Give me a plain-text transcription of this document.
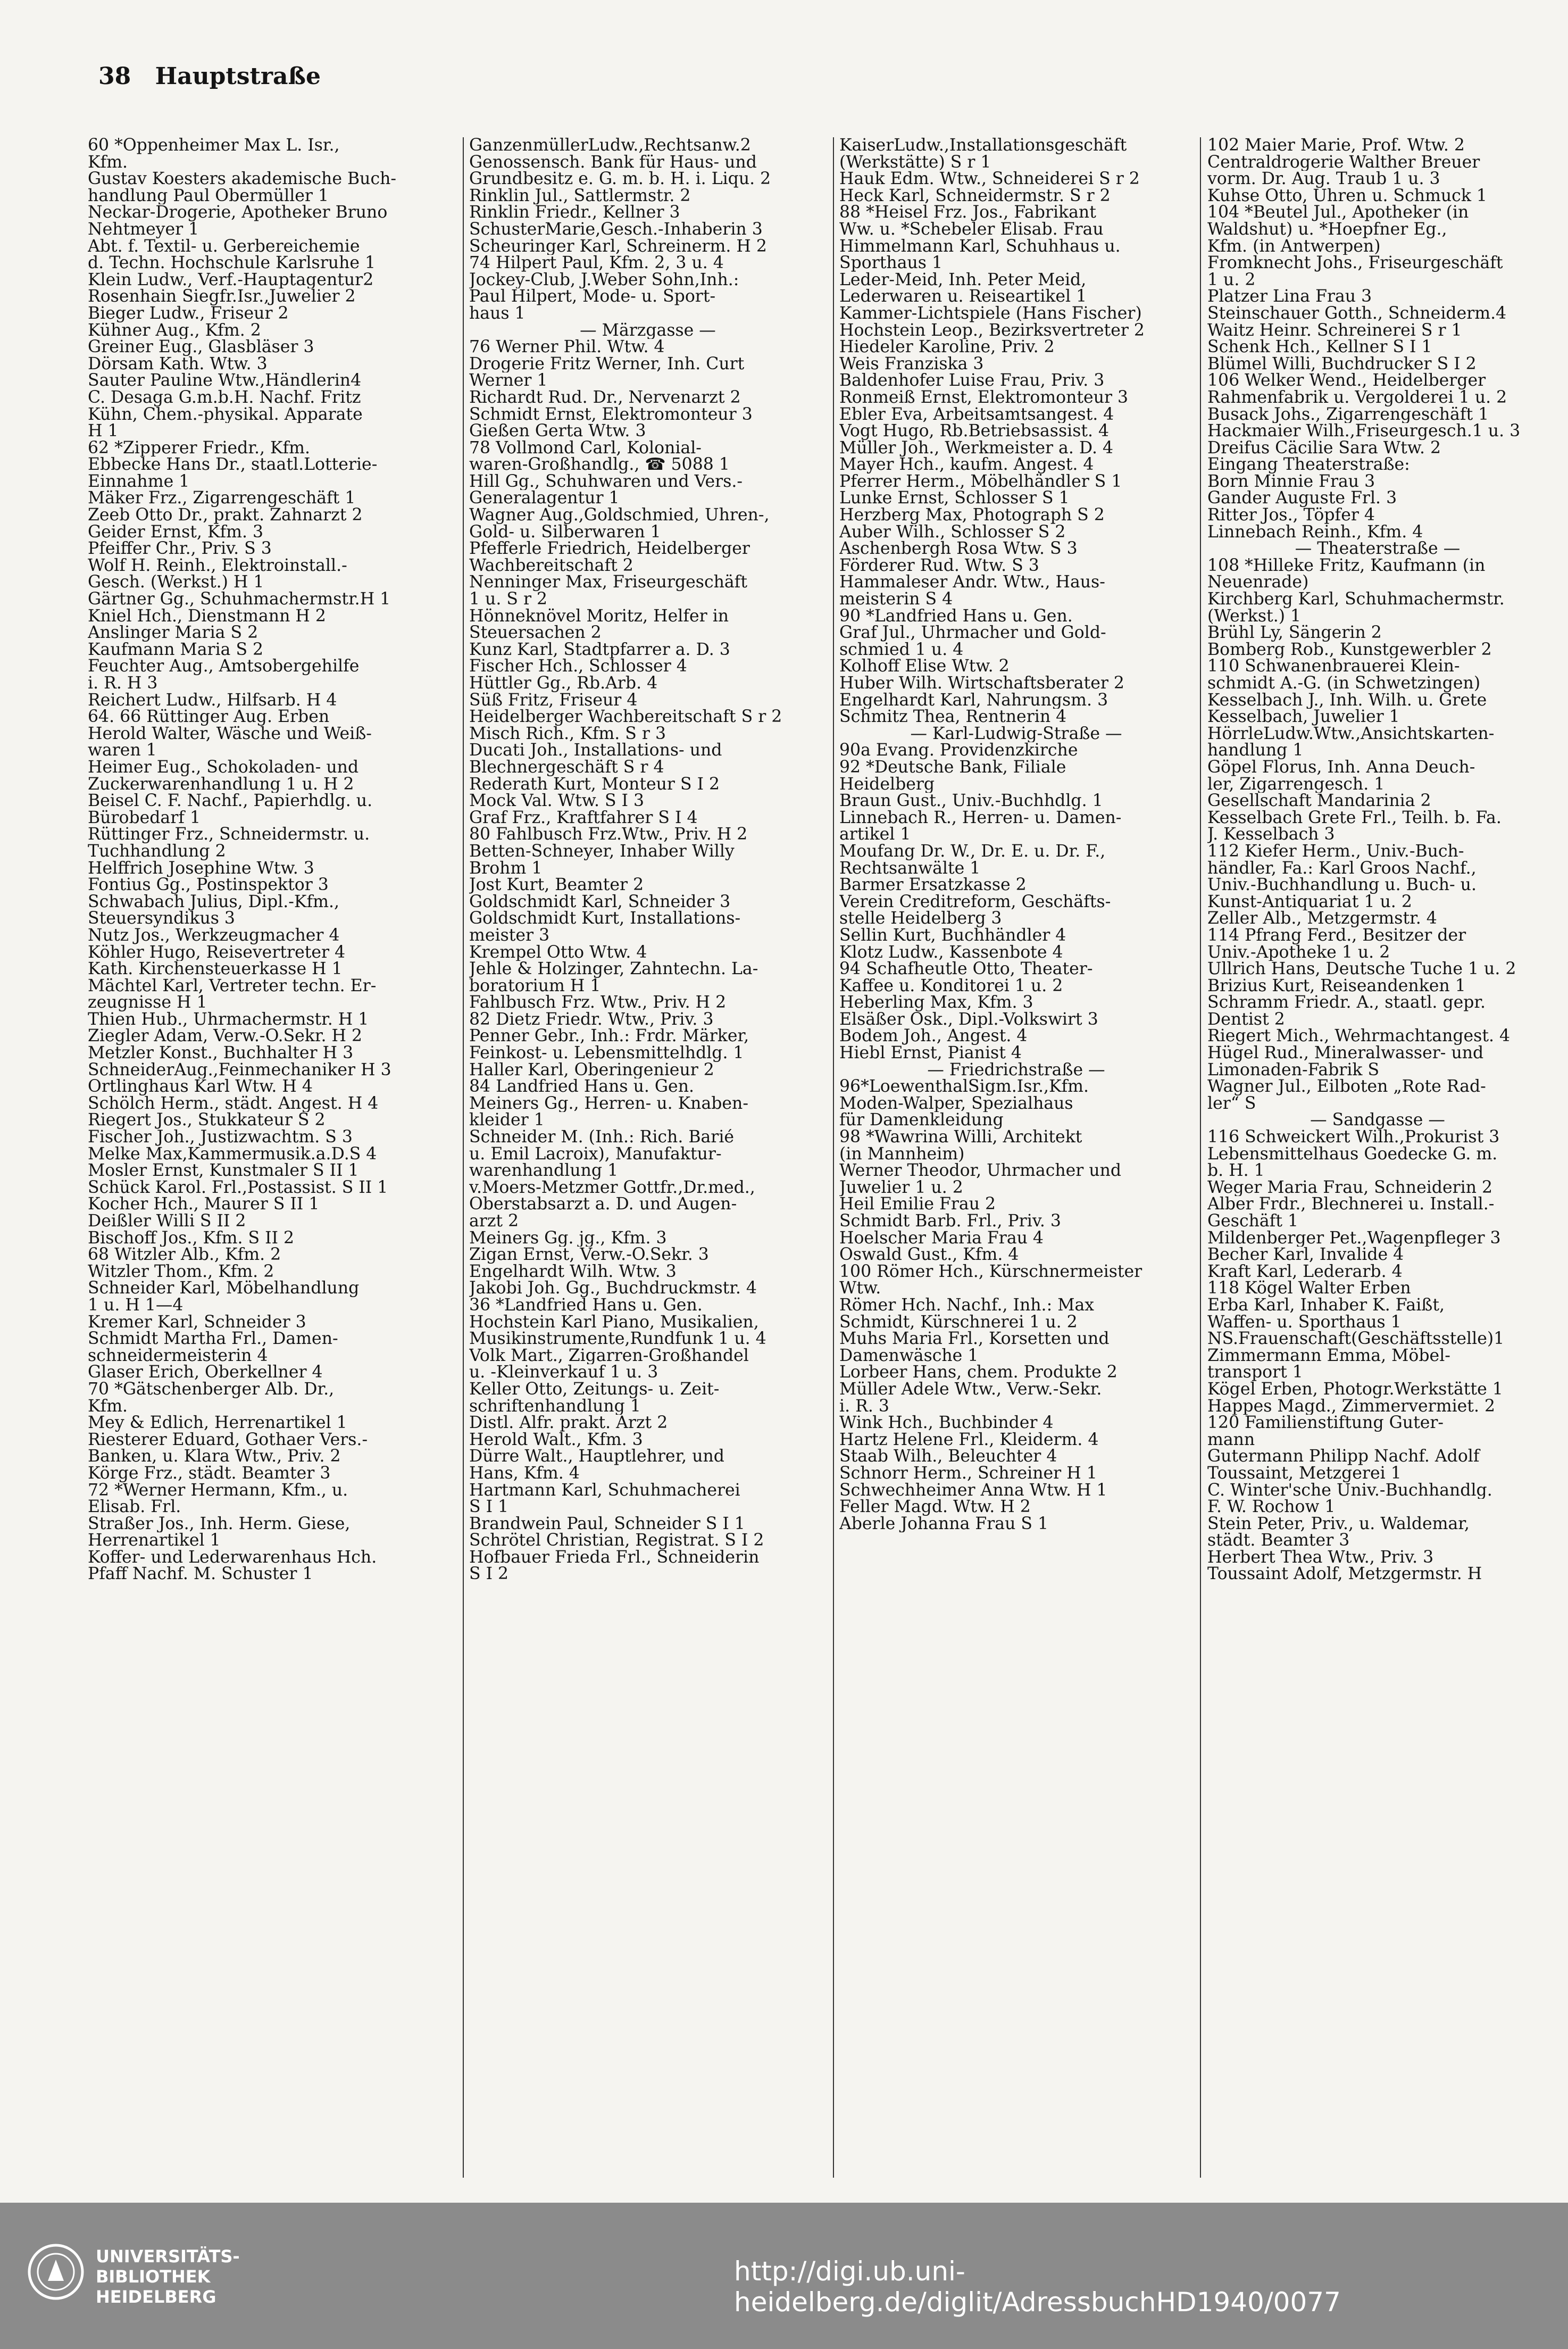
38 Hauptstraße
60 *Oppenheimer Max L. Isr.,
Kfm.
Gustav Koesters akademische Buch-
handlung Paul Obermüller 1
Neckar-Drogerie, Apotheker Bruno
Nehtmeyer 1
Abt. f. Textil- u. Gerbereichemie
d. Techn. Hochschule Karlsruhe 1
Klein Ludw., Verf.-Hauptagentur2
Rosenhain Siegfr.Isr.,Juwelier 2
Bieger Ludw., Friseur 2
Kühner Aug., Kfm. 2
Greiner Eug., Glasbläser 3
Dörsam Kath. Wtw. 3
Sauter Pauline Wtw.,Händlerin4
C. Desaga G.m.b.H. Nachf. Fritz
Kühn, Chem.-physikal. Apparate
H 1
62 *Zipperer Friedr., Kfm.
Ebbecke Hans Dr., staatl.Lotterie-
Einnahme 1
Mäker Frz., Zigarrengeschäft 1
Zeeb Otto Dr., prakt. Zahnarzt 2
Geider Ernst, Kfm. 3
Pfeiffer Chr., Priv. S 3
Wolf H. Reinh., Elektroinstall.-
Gesch. (Werkst.) H 1
Gärtner Gg., Schuhmachermstr.H 1
Kniel Hch., Dienstmann H 2
Anslinger Maria S 2
Kaufmann Maria S 2
Feuchter Aug., Amtsobergehilfe
i. R. H 3
Reichert Ludw., Hilfsarb. H 4
64. 66 Rüttinger Aug. Erben
Herold Walter, Wäsche und Weiß-
waren 1
Heimer Eug., Schokoladen- und
Zuckerwarenhandlung 1 u. H 2
Beisel C. F. Nachf., Papierhdlg. u.
Bürobedarf 1
Rüttinger Frz., Schneidermstr. u.
Tuchhandlung 2
Helffrich Josephine Wtw. 3
Fontius Gg., Postinspektor 3
Schwabach Julius, Dipl.-Kfm.,
Steuersyndikus 3
Nutz Jos., Werkzeugmacher 4
Köhler Hugo, Reisevertreter 4
Kath. Kirchensteuerkasse H 1
Mächtel Karl, Vertreter techn. Er-
zeugnisse H 1
Thien Hub., Uhrmachermstr. H 1
Ziegler Adam, Verw.-O.Sekr. H 2
Metzler Konst., Buchhalter H 3
SchneiderAug.,Feinmechaniker H 3
Ortlinghaus Karl Wtw. H 4
Schölch Herm., städt. Angest. H 4
Riegert Jos., Stukkateur S 2
Fischer Joh., Justizwachtm. S 3
Melke Max,Kammermusik.a.D.S 4
Mosler Ernst, Kunstmaler S II 1
Schück Karol. Frl.,Postassist. S II 1
Kocher Hch., Maurer S II 1
Deißler Willi S II 2
Bischoff Jos., Kfm. S II 2
68 Witzler Alb., Kfm. 2
Witzler Thom., Kfm. 2
Schneider Karl, Möbelhandlung
1 u. H 1—4
Kremer Karl, Schneider 3
Schmidt Martha Frl., Damen-
schneidermeisterin 4
Glaser Erich, Oberkellner 4
70 *Gätschenberger Alb. Dr.,
Kfm.
Mey & Edlich, Herrenartikel 1
Riesterer Eduard, Gothaer Vers.-
Banken, u. Klara Wtw., Priv. 2
Körge Frz., städt. Beamter 3
72 *Werner Hermann, Kfm., u.
Elisab. Frl.
Straßer Jos., Inh. Herm. Giese,
Herrenartikel 1
Koffer- und Lederwarenhaus Hch.
Pfaff Nachf. M. Schuster 1
GanzenmüllerLudw.,Rechtsanw.2
Genossensch. Bank für Haus- und
Grundbesitz e. G. m. b. H. i. Liqu. 2
Rinklin Jul., Sattlermstr. 2
Rinklin Friedr., Kellner 3
SchusterMarie,Gesch.-Inhaberin 3
Scheuringer Karl, Schreinerm. H 2
74 Hilpert Paul, Kfm. 2, 3 u. 4
Jockey-Club, J.Weber Sohn,Inh.:
Paul Hilpert, Mode- u. Sport-
haus 1
— Märzgasse —
76 Werner Phil. Wtw. 4
Drogerie Fritz Werner, Inh. Curt
Werner 1
Richardt Rud. Dr., Nervenarzt 2
Schmidt Ernst, Elektromonteur 3
Gießen Gerta Wtw. 3
78 Vollmond Carl, Kolonial-
waren-Großhandlg., ☎ 5088 1
Hill Gg., Schuhwaren und Vers.-
Generalagentur 1
Wagner Aug.,Goldschmied, Uhren-,
Gold- u. Silberwaren 1
Pfefferle Friedrich, Heidelberger
Wachbereitschaft 2
Nenninger Max, Friseurgeschäft
1 u. S r 2
Hönneknövel Moritz, Helfer in
Steuersachen 2
Kunz Karl, Stadtpfarrer a. D. 3
Fischer Hch., Schlosser 4
Hüttler Gg., Rb.Arb. 4
Süß Fritz, Friseur 4
Heidelberger Wachbereitschaft S r 2
Misch Rich., Kfm. S r 3
Ducati Joh., Installations- und
Blechnergeschäft S r 4
Rederath Kurt, Monteur S I 2
Mock Val. Wtw. S I 3
Graf Frz., Kraftfahrer S I 4
80 Fahlbusch Frz.Wtw., Priv. H 2
Betten-Schneyer, Inhaber Willy
Brohm 1
Jost Kurt, Beamter 2
Goldschmidt Karl, Schneider 3
Goldschmidt Kurt, Installations-
meister 3
Krempel Otto Wtw. 4
Jehle & Holzinger, Zahntechn. La-
boratorium H 1
Fahlbusch Frz. Wtw., Priv. H 2
82 Dietz Friedr. Wtw., Priv. 3
Penner Gebr., Inh.: Frdr. Märker,
Feinkost- u. Lebensmittelhdlg. 1
Haller Karl, Oberingenieur 2
84 Landfried Hans u. Gen.
Meiners Gg., Herren- u. Knaben-
kleider 1
Schneider M. (Inh.: Rich. Barié
u. Emil Lacroix), Manufaktur-
warenhandlung 1
v.Moers-Metzmer Gottfr.,Dr.med.,
Oberstabsarzt a. D. und Augen-
arzt 2
Meiners Gg. jg., Kfm. 3
Zigan Ernst, Verw.-O.Sekr. 3
Engelhardt Wilh. Wtw. 3
Jakobi Joh. Gg., Buchdruckmstr. 4
36 *Landfried Hans u. Gen.
Hochstein Karl Piano, Musikalien,
Musikinstrumente,Rundfunk 1 u. 4
Volk Mart., Zigarren-Großhandel
u. -Kleinverkauf 1 u. 3
Keller Otto, Zeitungs- u. Zeit-
schriftenhandlung 1
Distl. Alfr. prakt. Arzt 2
Herold Walt., Kfm. 3
Dürre Walt., Hauptlehrer, und
Hans, Kfm. 4
Hartmann Karl, Schuhmacherei
S I 1
Brandwein Paul, Schneider S I 1
Schrötel Christian, Registrat. S I 2
Hofbauer Frieda Frl., Schneiderin
S I 2
KaiserLudw.,Installationsgeschäft
(Werkstätte) S r 1
Hauk Edm. Wtw., Schneiderei S r 2
Heck Karl, Schneidermstr. S r 2
88 *Heisel Frz. Jos., Fabrikant
Ww. u. *Schebeler Elisab. Frau
Himmelmann Karl, Schuhhaus u.
Sporthaus 1
Leder-Meid, Inh. Peter Meid,
Lederwaren u. Reiseartikel 1
Kammer-Lichtspiele (Hans Fischer)
Hochstein Leop., Bezirksvertreter 2
Hiedeler Karoline, Priv. 2
Weis Franziska 3
Baldenhofer Luise Frau, Priv. 3
Ronmeiß Ernst, Elektromonteur 3
Ebler Eva, Arbeitsamtsangest. 4
Vogt Hugo, Rb.Betriebsassist. 4
Müller Joh., Werkmeister a. D. 4
Mayer Hch., kaufm. Angest. 4
Pferrer Herm., Möbelhändler S 1
Lunke Ernst, Schlosser S 1
Herzberg Max, Photograph S 2
Auber Wilh., Schlosser S 2
Aschenbergh Rosa Wtw. S 3
Förderer Rud. Wtw. S 3
Hammaleser Andr. Wtw., Haus-
meisterin S 4
90 *Landfried Hans u. Gen.
Graf Jul., Uhrmacher und Gold-
schmied 1 u. 4
Kolhoff Elise Wtw. 2
Huber Wilh. Wirtschaftsberater 2
Engelhardt Karl, Nahrungsm. 3
Schmitz Thea, Rentnerin 4
— Karl-Ludwig-Straße —
90a Evang. Providenzkirche
92 *Deutsche Bank, Filiale
Heidelberg
Braun Gust., Univ.-Buchhdlg. 1
Linnebach R., Herren- u. Damen-
artikel 1
Moufang Dr. W., Dr. E. u. Dr. F.,
Rechtsanwälte 1
Barmer Ersatzkasse 2
Verein Creditreform, Geschäfts-
stelle Heidelberg 3
Sellin Kurt, Buchhändler 4
Klotz Ludw., Kassenbote 4
94 Schafheutle Otto, Theater-
Kaffee u. Konditorei 1 u. 2
Heberling Max, Kfm. 3
Elsäßer Osk., Dipl.-Volkswirt 3
Bodem Joh., Angest. 4
Hiebl Ernst, Pianist 4
— Friedrichstraße —
96*LoewenthalSigm.Isr.,Kfm.
Moden-Walper, Spezialhaus
für Damenkleidung
98 *Wawrina Willi, Architekt
(in Mannheim)
Werner Theodor, Uhrmacher und
Juwelier 1 u. 2
Heil Emilie Frau 2
Schmidt Barb. Frl., Priv. 3
Hoelscher Maria Frau 4
Oswald Gust., Kfm. 4
100 Römer Hch., Kürschnermeister
Wtw.
Römer Hch. Nachf., Inh.: Max
Schmidt, Kürschnerei 1 u. 2
Muhs Maria Frl., Korsetten und
Damenwäsche 1
Lorbeer Hans, chem. Produkte 2
Müller Adele Wtw., Verw.-Sekr.
i. R. 3
Wink Hch., Buchbinder 4
Hartz Helene Frl., Kleiderm. 4
Staab Wilh., Beleuchter 4
Schnorr Herm., Schreiner H 1
Schwechheimer Anna Wtw. H 1
Feller Magd. Wtw. H 2
Aberle Johanna Frau S 1
102 Maier Marie, Prof. Wtw. 2
Centraldrogerie Walther Breuer
vorm. Dr. Aug. Traub 1 u. 3
Kuhse Otto, Uhren u. Schmuck 1
104 *Beutel Jul., Apotheker (in
Waldshut) u. *Hoepfner Eg.,
Kfm. (in Antwerpen)
Fromknecht Johs., Friseurgeschäft
1 u. 2
Platzer Lina Frau 3
Steinschauer Gotth., Schneiderm.4
Waitz Heinr. Schreinerei S r 1
Schenk Hch., Kellner S I 1
Blümel Willi, Buchdrucker S I 2
106 Welker Wend., Heidelberger
Rahmenfabrik u. Vergolderei 1 u. 2
Busack Johs., Zigarrengeschäft 1
Hackmaier Wilh.,Friseurgesch.1 u. 3
Dreifus Cäcilie Sara Wtw. 2
Eingang Theaterstraße:
Born Minnie Frau 3
Gander Auguste Frl. 3
Ritter Jos., Töpfer 4
Linnebach Reinh., Kfm. 4
— Theaterstraße —
108 *Hilleke Fritz, Kaufmann (in
Neuenrade)
Kirchberg Karl, Schuhmachermstr.
(Werkst.) 1
Brühl Ly, Sängerin 2
Bomberg Rob., Kunstgewerbler 2
110 Schwanenbrauerei Klein-
schmidt A.-G. (in Schwetzingen)
Kesselbach J., Inh. Wilh. u. Grete
Kesselbach, Juwelier 1
HörrleLudw.Wtw.,Ansichtskarten-
handlung 1
Göpel Florus, Inh. Anna Deuch-
ler, Zigarrengesch. 1
Gesellschaft Mandarinia 2
Kesselbach Grete Frl., Teilh. b. Fa.
J. Kesselbach 3
112 Kiefer Herm., Univ.-Buch-
händler, Fa.: Karl Groos Nachf.,
Univ.-Buchhandlung u. Buch- u.
Kunst-Antiquariat 1 u. 2
Zeller Alb., Metzgermstr. 4
114 Pfrang Ferd., Besitzer der
Univ.-Apotheke 1 u. 2
Ullrich Hans, Deutsche Tuche 1 u. 2
Brizius Kurt, Reiseandenken 1
Schramm Friedr. A., staatl. gepr.
Dentist 2
Riegert Mich., Wehrmachtangest. 4
Hügel Rud., Mineralwasser- und
Limonaden-Fabrik S
Wagner Jul., Eilboten „Rote Rad-
ler“ S
— Sandgasse —
116 Schweickert Wilh.,Prokurist 3
Lebensmittelhaus Goedecke G. m.
b. H. 1
Weger Maria Frau, Schneiderin 2
Alber Frdr., Blechnerei u. Install.-
Geschäft 1
Mildenberger Pet.,Wagenpfleger 3
Becher Karl, Invalide 4
Kraft Karl, Lederarb. 4
118 Kögel Walter Erben
Erba Karl, Inhaber K. Faißt,
Waffen- u. Sporthaus 1
NS.Frauenschaft(Geschäftsstelle)1
Zimmermann Emma, Möbel-
transport 1
Kögel Erben, Photogr.Werkstätte 1
Happes Magd., Zimmervermiet. 2
120 Familienstiftung Guter-
mann
Gutermann Philipp Nachf. Adolf
Toussaint, Metzgerei 1
C. Winter'sche Univ.-Buchhandlg.
F. W. Rochow 1
Stein Peter, Priv., u. Waldemar,
städt. Beamter 3
Herbert Thea Wtw., Priv. 3
Toussaint Adolf, Metzgermstr. H
UNIVERSITÄTS-
BIBLIOTHEK
HEIDELBERG
http://digi.ub.uni-heidelberg.de/diglit/AdressbuchHD1940/0077
